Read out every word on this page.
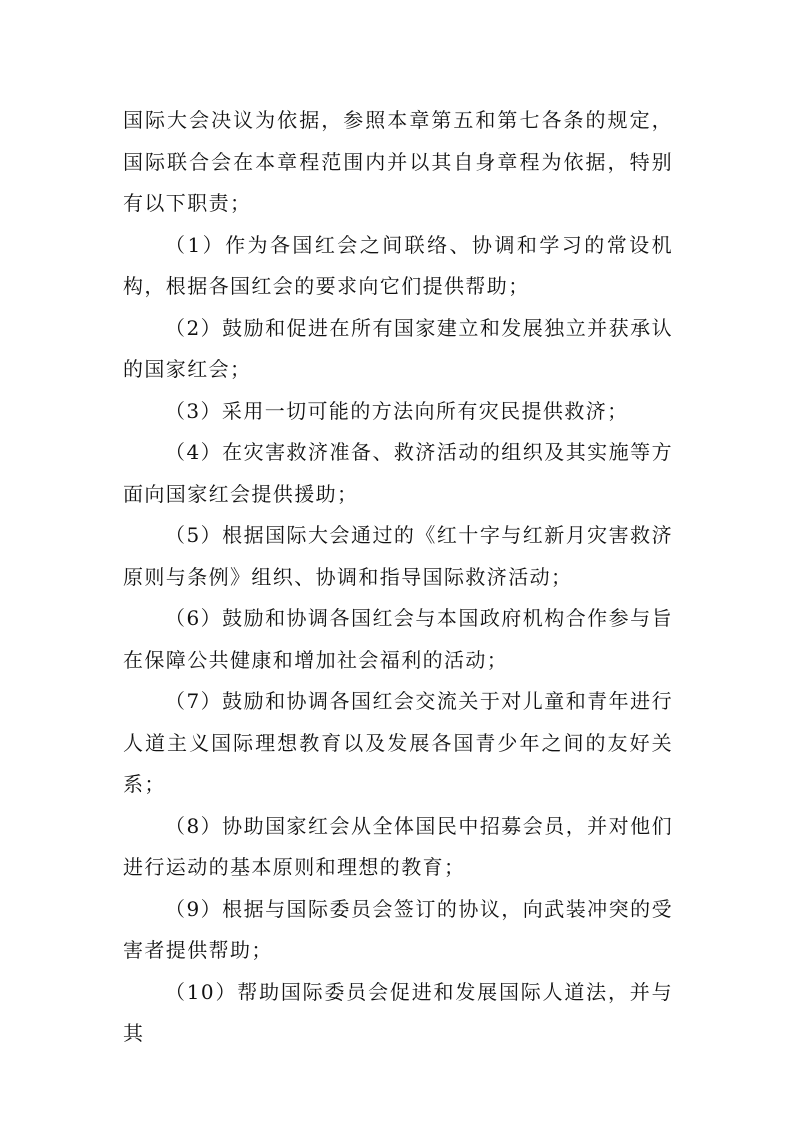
国际大会决议为依据，参照本章第五和第七各条的规定，国际联合会在本章程范围内并以其自身章程为依据，特别有以下职责；

（1）作为各国红会之间联络、协调和学习的常设机构，根据各国红会的要求向它们提供帮助；

（2）鼓励和促进在所有国家建立和发展独立并获承认的国家红会；

（3）采用一切可能的方法向所有灾民提供救济；

（4）在灾害救济准备、救济活动的组织及其实施等方面向国家红会提供援助；

（5）根据国际大会通过的《红十字与红新月灾害救济原则与条例》组织、协调和指导国际救济活动；

（6）鼓励和协调各国红会与本国政府机构合作参与旨在保障公共健康和增加社会福利的活动；

（7）鼓励和协调各国红会交流关于对儿童和青年进行人道主义国际理想教育以及发展各国青少年之间的友好关系；

（8）协助国家红会从全体国民中招募会员，并对他们进行运动的基本原则和理想的教育；

（9）根据与国际委员会签订的协议，向武装冲突的受害者提供帮助；

（10）帮助国际委员会促进和发展国际人道法，并与其
